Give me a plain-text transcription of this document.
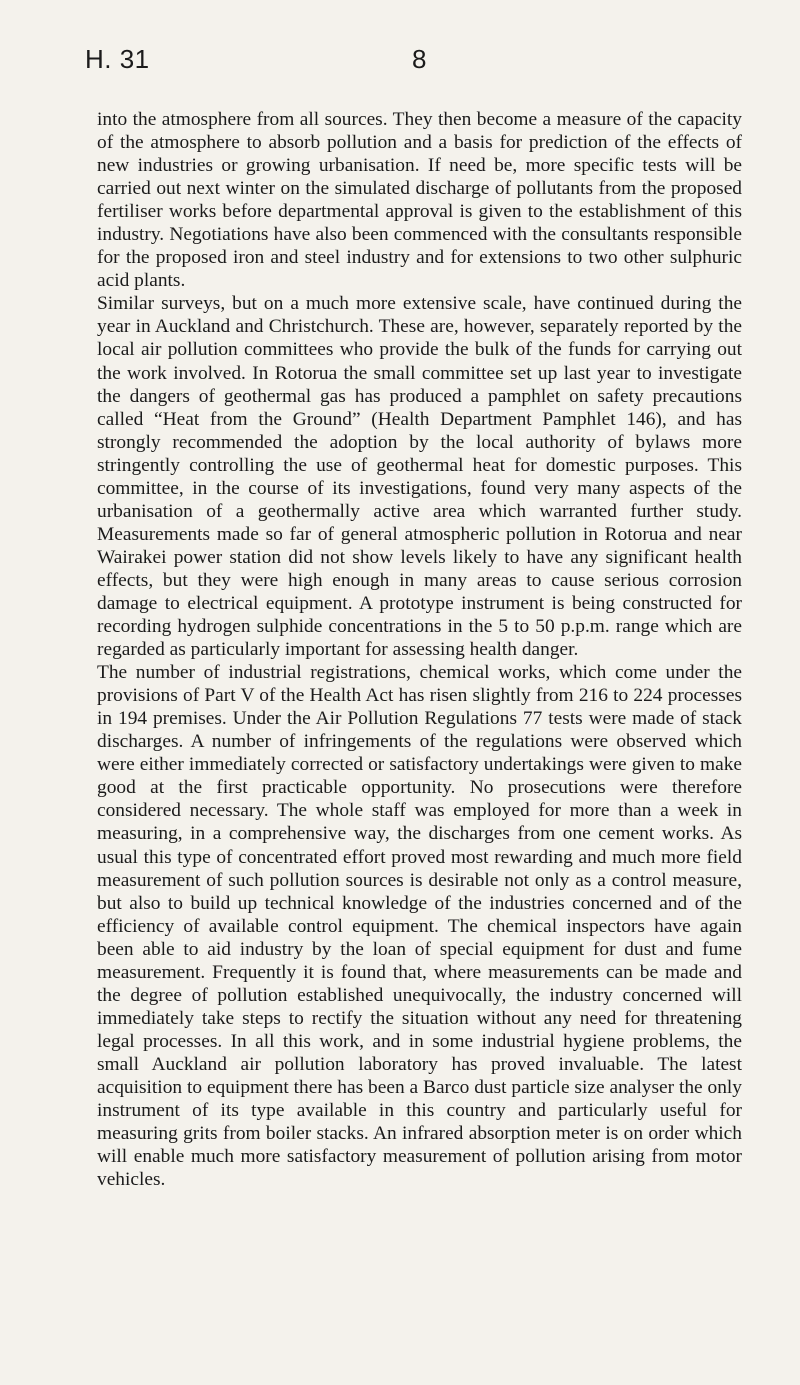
H. 31	8

into the atmosphere from all sources. They then become a measure of the capacity of the atmosphere to absorb pollution and a basis for prediction of the effects of new industries or growing urbanisation. If need be, more specific tests will be carried out next winter on the simulated discharge of pollutants from the proposed fertiliser works before departmental approval is given to the establishment of this industry. Negotiations have also been commenced with the consultants responsible for the proposed iron and steel industry and for extensions to two other sulphuric acid plants.

Similar surveys, but on a much more extensive scale, have continued during the year in Auckland and Christchurch. These are, however, separately reported by the local air pollution committees who provide the bulk of the funds for carrying out the work involved. In Rotorua the small committee set up last year to investigate the dangers of geothermal gas has produced a pamphlet on safety precautions called “Heat from the Ground” (Health Department Pamphlet 146), and has strongly recommended the adoption by the local authority of bylaws more stringently controlling the use of geothermal heat for domestic purposes. This committee, in the course of its investigations, found very many aspects of the urbanisation of a geothermally active area which warranted further study. Measurements made so far of general atmospheric pollution in Rotorua and near Wairakei power station did not show levels likely to have any significant health effects, but they were high enough in many areas to cause serious corrosion damage to electrical equipment. A prototype instrument is being constructed for recording hydrogen sulphide concentrations in the 5 to 50 p.p.m. range which are regarded as particularly important for assessing health danger.

The number of industrial registrations, chemical works, which come under the provisions of Part V of the Health Act has risen slightly from 216 to 224 processes in 194 premises. Under the Air Pollution Regulations 77 tests were made of stack discharges. A number of infringements of the regulations were observed which were either immediately corrected or satisfactory undertakings were given to make good at the first practicable opportunity. No prosecutions were therefore considered necessary. The whole staff was employed for more than a week in measuring, in a comprehensive way, the discharges from one cement works. As usual this type of concentrated effort proved most rewarding and much more field measurement of such pollution sources is desirable not only as a control measure, but also to build up technical knowledge of the industries concerned and of the efficiency of available control equipment. The chemical inspectors have again been able to aid industry by the loan of special equipment for dust and fume measurement. Frequently it is found that, where measurements can be made and the degree of pollution established unequivocally, the industry concerned will immediately take steps to rectify the situation without any need for threatening legal processes. In all this work, and in some industrial hygiene problems, the small Auckland air pollution laboratory has proved invaluable. The latest acquisition to equipment there has been a Barco dust particle size analyser the only instrument of its type available in this country and particularly useful for measuring grits from boiler stacks. An infrared absorption meter is on order which will enable much more satisfactory measurement of pollution arising from motor vehicles.
